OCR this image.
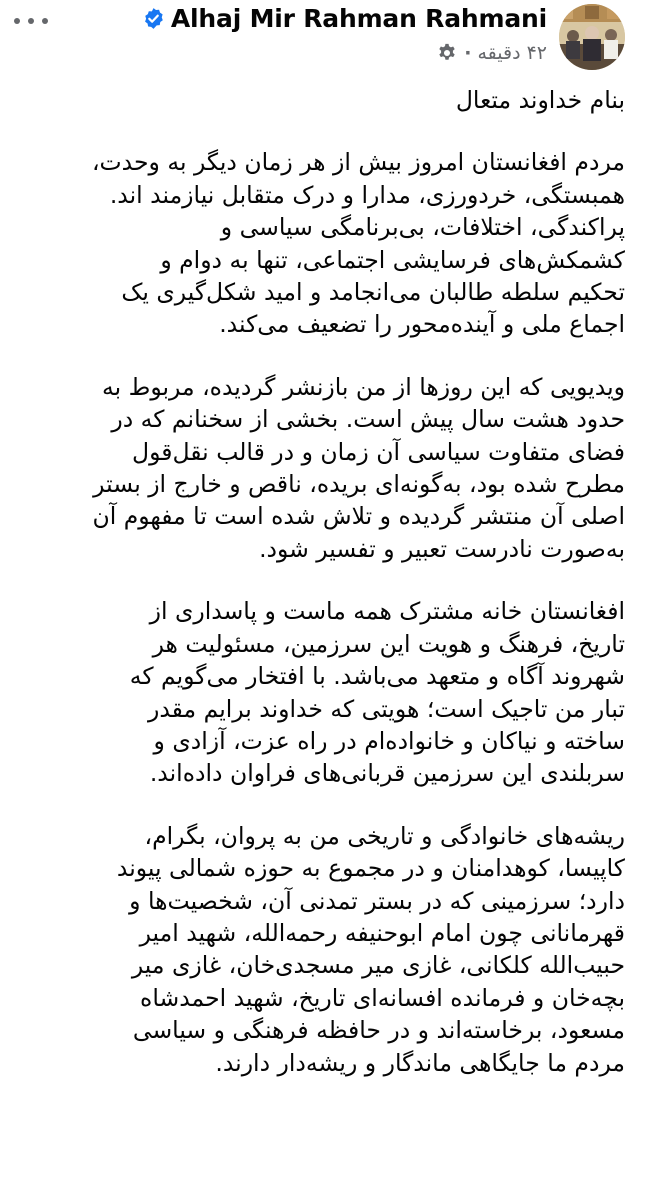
Alhaj Mir Rahman Rahmani
· ۴۲ دقیقه

بنام خداوند متعال

مردم افغانستان امروز بیش از هر زمان دیگر به وحدت،

همبستگی، خردورزی، مدارا و درک متقابل نیازمند اند.

پراکندگی، اختلافات، بی‌برنامگی سیاسی و

کشمکش‌های فرسایشی اجتماعی، تنها به دوام و

تحکیم سلطه طالبان می‌انجامد و امید شکل‌گیری یک

اجماع ملی و آینده‌محور را تضعیف می‌کند.

ویدیویی که این روزها از من بازنشر گردیده، مربوط به

حدود هشت سال پیش است. بخشی از سخنانم که در

فضای متفاوت سیاسی آن زمان و در قالب نقل‌قول

مطرح شده بود، به‌گونه‌ای بریده، ناقص و خارج از بستر

اصلی آن منتشر گردیده و تلاش شده است تا مفهوم آن

به‌صورت نادرست تعبیر و تفسیر شود.

افغانستان خانه مشترک همه ماست و پاسداری از

تاریخ، فرهنگ و هویت این سرزمین، مسئولیت هر

شهروند آگاه و متعهد می‌باشد. با افتخار می‌گویم که

تبار من تاجیک است؛ هویتی که خداوند برایم مقدر

ساخته و نیاکان و خانواده‌ام در راه عزت، آزادی و

سربلندی این سرزمین قربانی‌های فراوان داده‌اند.

ریشه‌های خانوادگی و تاریخی من به پروان، بگرام،

کاپیسا، کوهدامنان و در مجموع به حوزه شمالی پیوند

دارد؛ سرزمینی که در بستر تمدنی آن، شخصیت‌ها و

قهرمانانی چون امام ابوحنیفه رحمه‌الله، شهید امیر

حبیب‌الله کلکانی، غازی میر مسجدی‌خان، غازی میر

بچه‌خان و فرمانده افسانه‌ای تاریخ، شهید احمدشاه

مسعود، برخاسته‌اند و در حافظه فرهنگی و سیاسی

مردم ما جایگاهی ماندگار و ریشه‌دار دارند.
